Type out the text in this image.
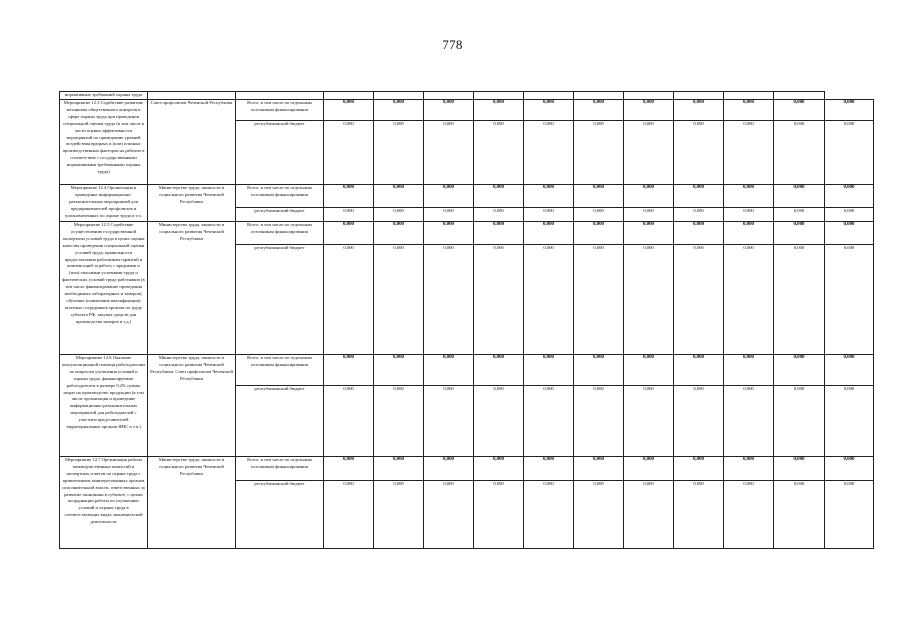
778
нормативных требований охраны труда													
Мероприятие 12.3 Содействие развитию механизма общественного контроля в сфере охраны труда при проведении специальной оценки труда (в том числе в части оценки эффективности мероприятий по приведению уровней воздействия вредных и (или) опасных производственных факторов на рабочих в соответствие с государственными нормативными требованиями охраны труда)	Союз профсоюзов Чеченской Республики	Всего, в том числе по отдельным источникам финансирования	0,000	0,000	0,000	0,000	0,000	0,000	0,000	0,000	0,000	0,000	0,000
		республиканский бюджет	0,000	0,000	0,000	0,000	0,000	0,000	0,000	0,000	0,000	0,000	0,000
Мероприятие 12.4 Организация и проведение информационно-разъяснительных мероприятий для предпринимателей профсоюзов и уполномоченных по охране труда и т.п.	Министерство труда, занятости и социального развития Чеченской Республики	Всего, в том числе по отдельным источникам финансирования	0,000	0,000	0,000	0,000	0,000	0,000	0,000	0,000	0,000	0,000	0,000
		республиканский бюджет	0,000	0,000	0,000	0,000	0,000	0,000	0,000	0,000	0,000	0,000	0,000
Мероприятие 12.5 Содействие осуществлению государственной экспертизы условий труда в целях оценки качества проведения специальной оценки условий труда, правильности предоставления работникам гарантий и компенсаций за работу с вредными и (или) опасными условиями труда и фактических условий труда работников (в том числе финансирование проведения необходимых лабораторных и замеров), обучение (повышение квалификации) штатных сотрудников органов по труду субъекта РФ, закупка средств для производства замеров и т.д.)	Министерство труда, занятости и социального развития Чеченской Республики	Всего, в том числе по отдельным источникам финансирования	0,000	0,000	0,000	0,000	0,000	0,000	0,000	0,000	0,000	0,000	0,000
		республиканский бюджет	0,000	0,000	0,000	0,000	0,000	0,000	0,000	0,000	0,000	0,000	0,000
Мероприятие 12.6 Оказание консультационной помощи работодателям по вопросам улучшения условий и охраны труда, финансируемые работодателем в размере 0,2% суммы затрат на производство продукции (в том числе организация и проведение информационно-разъяснительных мероприятий для работодателей с участием представителей территориальных органов ФНС и т.п.)	Министерство труда, занятости и социального развития Чеченской Республики. Союз профсоюзов Чеченской Республики	Всего, в том числе по отдельным источникам финансирования	0,000	0,000	0,000	0,000	0,000	0,000	0,000	0,000	0,000	0,000	0,000
		республиканский бюджет	0,000	0,000	0,000	0,000	0,000	0,000	0,000	0,000	0,000	0,000	0,000
Мероприятие 12.7 Организация работы межведомственных комиссий и экспертных советов по охране труда с привлечением заинтересованных органов исполнительной власти, ответственных за развитие экономики в субъекте, с целью координации работы по улучшению условий и охраны труда в соответствующих видах экономической деятельности	Министерство труда, занятости и социального развития Чеченской Республики	Всего, в том числе по отдельным источникам финансирования	0,000	0,000	0,000	0,000	0,000	0,000	0,000	0,000	0,000	0,000	0,000
		республиканский бюджет	0,000	0,000	0,000	0,000	0,000	0,000	0,000	0,000	0,000	0,000	0,000
